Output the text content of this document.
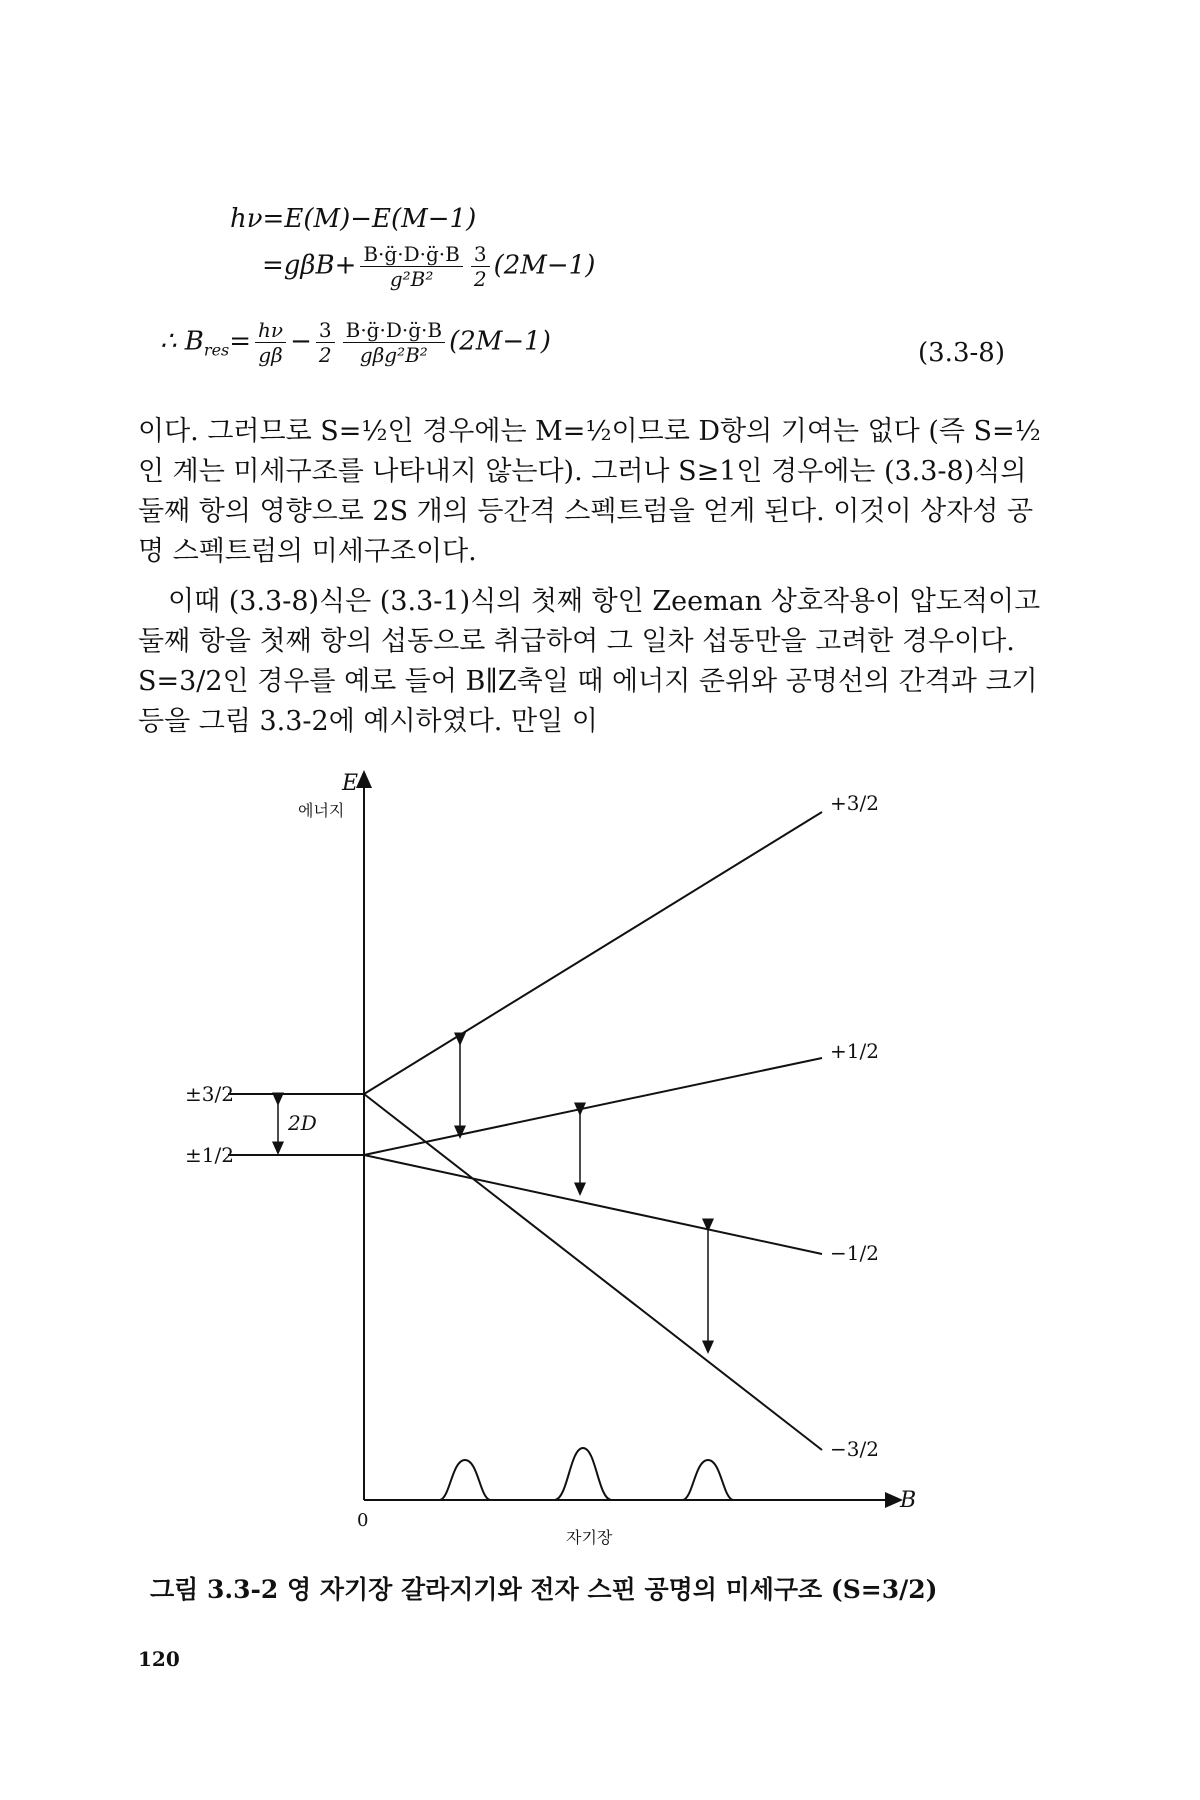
hν=E(M)−E(M−1)
$=g\beta B+ \frac{B\cdot g̈\cdot D\cdot g̈\cdot B}{\text{g²B²}} \frac{3}{2} (2M-1)$
∴ $B_{res}= \frac{h\nu}{g\beta} - \frac{3}{2} \frac{B\cdot g̈\cdot D\cdot g̈\cdot B}{\text{gβg²B²}} (2M-1)$	(3.3-8)
이다. 그러므로 S=½인 경우에는 M=½이므로 D항의 기여는 없다 (즉 S=½인 계는 미세구조를 나타내지 않는다). 그러나 S≥1인 경우에는 (3.3-8)식의 둘째 항의 영향으로 2S 개의 등간격 스펙트럼을 얻게 된다. 이것이 상자성 공명 스펙트럼의 미세구조이다.
이때 (3.3-8)식은 (3.3-1)식의 첫째 항인 Zeeman 상호작용이 압도적이고 둘째 항을 첫째 항의 섭동으로 취급하여 그 일차 섭동만을 고려한 경우이다. S=3/2인 경우를 예로 들어 B∥Z축일 때 에너지 준위와 공명선의 간격과 크기 등을 그림 3.3-2에 예시하였다. 만일 이
E
에너지
B
자기장
0
±3/2
±1/2
2D
+3/2
+1/2
−1/2
−3/2
그림 3.3-2 영 자기장 갈라지기와 전자 스핀 공명의 미세구조 (S=3/2)
120
